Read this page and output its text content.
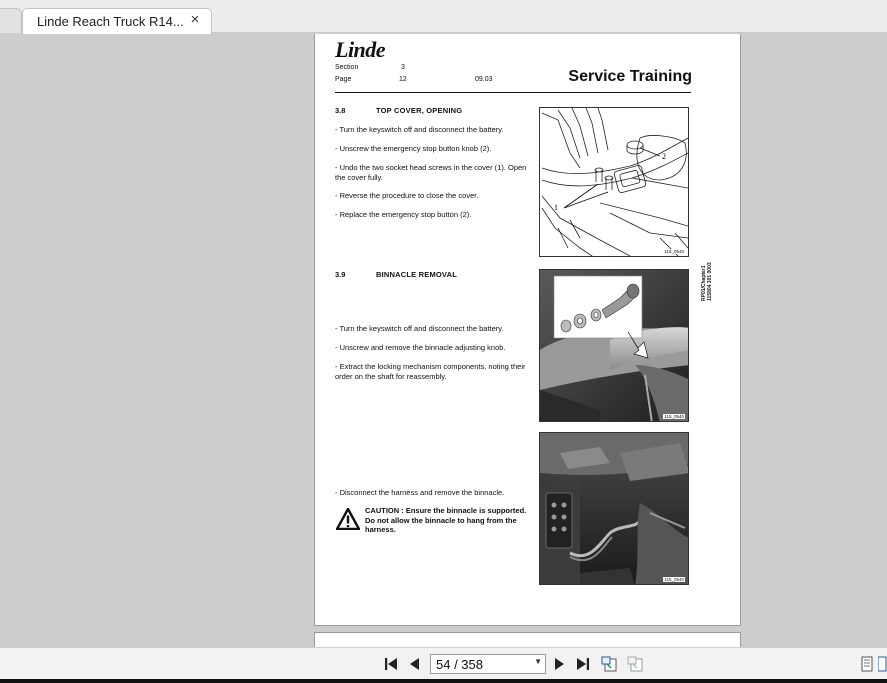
Linde Reach Truck R14... ×
Linde
Section	3
Page	12	09.03	Service Training
3.8	TOP COVER, OPENING
- Turn the keyswitch off and disconnect the battery.
- Unscrew the emergency stop button knob (2).
- Undo the two socket head screws in the cover (1). Open the cover fully.
- Reverse the procedure to close the cover.
- Replace the emergency stop button (2).
3.9	BINNACLE REMOVAL
- Turn the keyswitch off and disconnect the battery.
- Unscrew and remove the binnacle adjusting knob.
- Extract the locking mechanism components, noting their order on the shaft for reassembly.
- Disconnect the harness and remove the binnacle.
CAUTION : Ensure the binnacle is supported. Do not allow the binnacle to hang from the harness.
1
2
115_0540
115_0540
115_0540
RP01/Chapter1 115804 301 0003
54 / 358	▼
